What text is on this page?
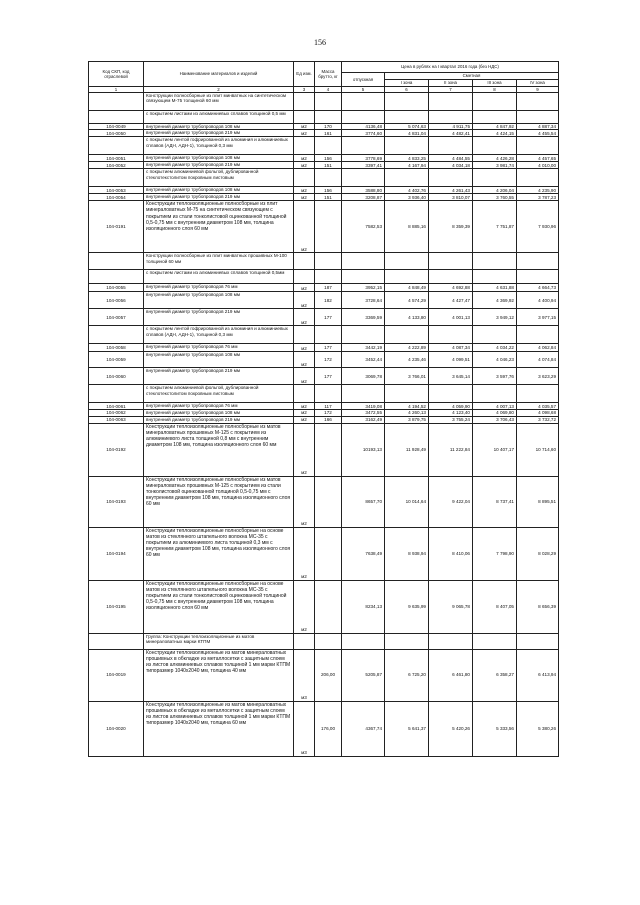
156
Код СКП, код отраслевой	Наименование материалов и изделий	Ед изм.	Масса брутто, кг	Цена в рублях на I квартал 2016 года (без НДС)				
				отпускная	Сметная			
					I зона	II зона	III зона	IV зона
1	2	3	4	5	6	7	8	9
	Конструкции полносборные из плит минватных на синтетическом связующем М-75 толщиной 60 мм							
	с покрытием листами из алюминиевых сплавов толщиной 0,5 мм							
104-0049	внутренний диаметр трубопроводов 108 мм	м2	170	4136,48	5 074,63	4 911,75	4 847,92	4 887,34
104-0050	внутренний диаметр трубопроводов 219 мм	м2	161	3774,60	4 831,04	4 482,41	4 424,15	4 455,54
	с покрытием лентой гофрированной из алюминия и алюминиевых сплавов (АДН, АДН-1), толщиной 0,3 мм							
104-0051	внутренний диаметр трубопроводов 108 мм	м2	156	3778,69	4 833,25	4 484,55	4 426,28	4 457,65
104-0052	внутренний диаметр трубопроводов 219 мм	м2	151	3397,41	4 167,94	4 034,18	3 981,74	4 010,00
	с покрытием алюминиевой фольгой, дублированной стеклотекстолитом покровным листовым							
104-0053	внутренний диаметр трубопроводов 108 мм	м2	156	3588,80	4 402,76	4 261,43	4 206,04	4 235,90
104-0054	внутренний диаметр трубопроводов 219 мм	м2	151	3208,87	3 936,40	3 810,07	3 760,55	3 787,23
104-0191	Конструкции теплоизоляционные полносборные из плит минераловатных М-75 на синтетическом связующем с покрытием из стали тонколистовой оцинкованной толщиной 0,5-0,75 мм с внутренним диаметром 108 мм, толщина изоляционного слоя 60 мм	м2		7582,53	8 885,16	8 359,39	7 751,87	7 930,96
	Конструкции полносборные из плит минватных прошивных М-100 толщиной 60 мм							
	с покрытием листами из алюминиевых сплавов толщиной 0,5мм							
104-0055	внутренний диаметр трубопроводов 76 мм	м2	187	3952,15	4 848,49	4 692,88	4 631,88	4 664,73
104-0056	внутренний диаметр трубопроводов 108 мм	м2	182	3728,64	4 574,29	4 427,47	4 369,92	4 400,94
104-0057	внутренний диаметр трубопроводов 219 мм	м2	177	3369,59	4 133,80	4 001,13	3 949,12	3 977,15
	с покрытием лентой гофрированной из алюминия и алюминиевых сплавов (АДН, АДН-1), толщиной 0,3 мм							
104-0058	внутренний диаметр трубопроводов 76 мм	м2	177	3442,19	4 222,89	4 087,34	4 034,22	4 062,84
104-0059	внутренний диаметр трубопроводов 108 мм	м2	172	3452,44	4 235,46	4 099,51	4 046,23	4 074,84
104-0060	внутренний диаметр трубопроводов 219 мм	м2	177	3069,78	3 766,01	3 645,14	3 597,76	3 623,29
	с покрытием алюминиевой фольгой, дублированной стеклотекстолитом покровным листовым							
104-0061	внутренний диаметр трубопроводов 76 мм	м2	117	3419,08	4 194,52	4 059,90	4 007,13	4 035,57
104-0062	внутренний диаметр трубопроводов 108 мм	м2	172	3472,55	4 260,13	4 123,40	4 069,80	4 098,68
104-0063	внутренний диаметр трубопроводов 219 мм	м2	166	3162,49	3 879,75	3 755,24	3 706,43	3 732,72
104-0192	Конструкции теплоизоляционные полносборные из матов минераловатных прошивных М-125 с покрытием из алюминиевого листа толщиной 0,8 мм с внутренним диаметром 108 мм, толщина изоляционного слоя 60 мм	м2		10193,13	11 928,49	11 222,84	10 407,17	10 714,60
104-0193	Конструкции теплоизоляционные полносборные из матов минераловатных прошивных М-125 с покрытием из стали тонколистовой оцинкованной толщиной 0,5-0,75 мм с внутренним диаметром 108 мм, толщина изоляционного слоя 60 мм	м2		8657,70	10 014,64	9 422,04	8 737,41	8 895,51
104-0194	Конструкции теплоизоляционные полносборные на основе матов из стеклянного штапельного волокна МС-35 с покрытием из алюминиевого листа толщиной 0,3 мм с внутренним диаметром 108 мм, толщина изоляционного слоя 60 мм	м2		7638,49	8 938,94	8 410,06	7 798,90	8 028,29
104-0195	Конструкции теплоизоляционные полносборные на основе матов из стеклянного штапельного волокна МС-35 с покрытием из стали тонколистовой оцинкованной толщиной 0,5-0,75 мм с внутренним диаметром 108 мм, толщина изоляционного слоя 60 мм	м2		8234,13	9 635,99	9 065,78	8 407,05	8 656,39
	Группа: Конструкции теплоизоляционные из матов минераловатных марки КТПМ							
104-0019	Конструкции теплоизоляционные из матов минераловатных прошивных в обкладке из металлосетки с защитным слоем из листов алюминиевых сплавов толщиной 1 мм марки КТПМ типоразмер 1040х2040 мм, толщина 40 мм	м3	206,00	5205,87	6 725,20	6 461,80	6 358,27	6 413,94
104-0020	Конструкции теплоизоляционные из матов минераловатных прошивных в обкладке из металлосетки с защитным слоем из листов алюминиевых сплавов толщиной 1 мм марки КТПМ типоразмер 1040х2040 мм, толщина 60 мм	м3	176,00	4367,74	5 641,37	5 420,26	5 333,56	5 380,26
